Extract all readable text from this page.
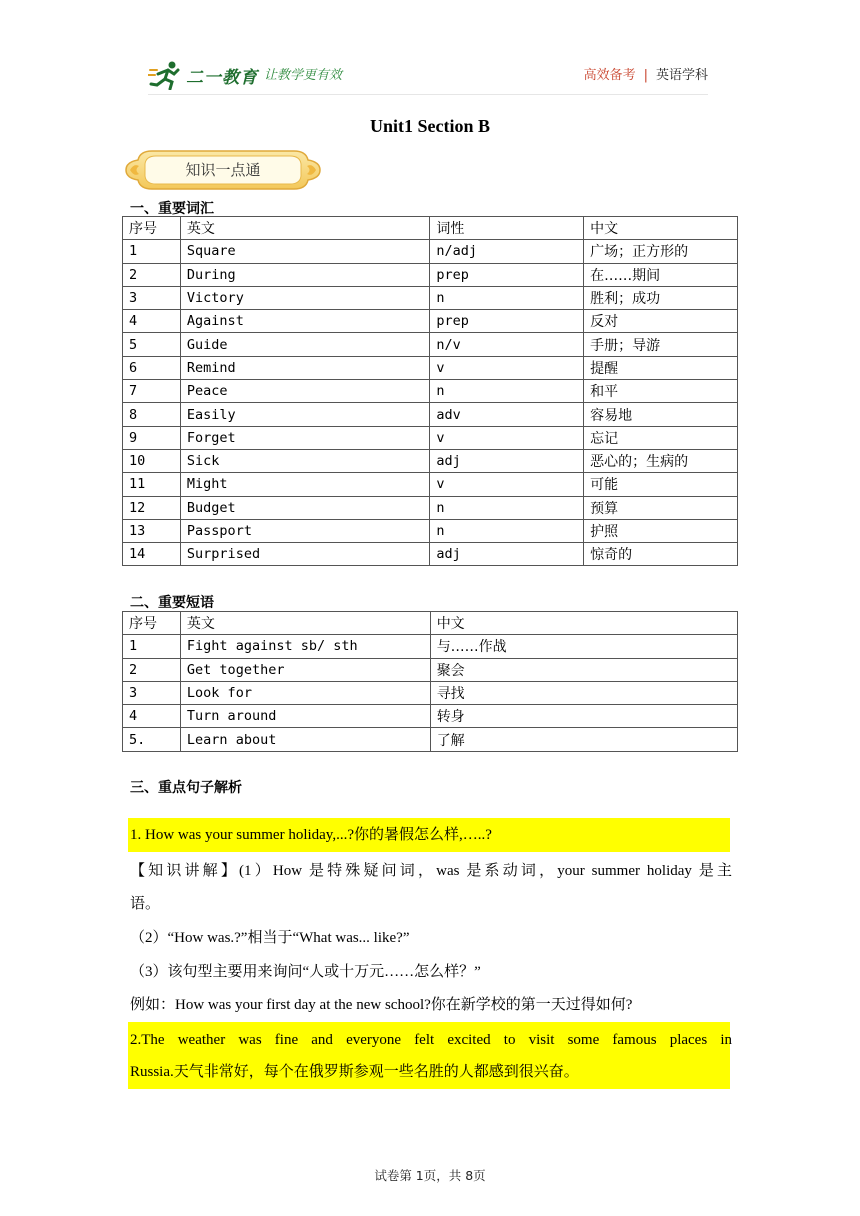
二一教育 让教学更有效	高效备考 | 英语学科
Unit1 Section B
知识一点通
一、重要词汇
序号	英文	词性	中文
1	Square	n/adj	广场；正方形的
2	During	prep	在……期间
3	Victory	n	胜利；成功
4	Against	prep	反对
5	Guide	n/v	手册；导游
6	Remind	v	提醒
7	Peace	n	和平
8	Easily	adv	容易地
9	Forget	v	忘记
10	Sick	adj	恶心的；生病的
11	Might	v	可能
12	Budget	n	预算
13	Passport	n	护照
14	Surprised	adj	惊奇的
二、重要短语
序号	英文	中文
1	Fight against sb/ sth	与……作战
2	Get together	聚会
3	Look for	寻找
4	Turn around	转身
5.	Learn about	了解
三、重点句子解析
1. How was your summer holiday,...?你的暑假怎么样,…..?
【知识讲解】(1）How 是特殊疑问词，was 是系动词，your summer holiday 是主
语。
（2）“How was.?”相当于“What was... like?”
（3）该句型主要用来询问“人或十万元……怎么样？”
例如：How was your first day at the new school?你在新学校的第一天过得如何?
2.The weather was fine and everyone felt excited to visit some famous places in
Russia.天气非常好，每个在俄罗斯参观一些名胜的人都感到很兴奋。
试卷第 1页，共 8页
